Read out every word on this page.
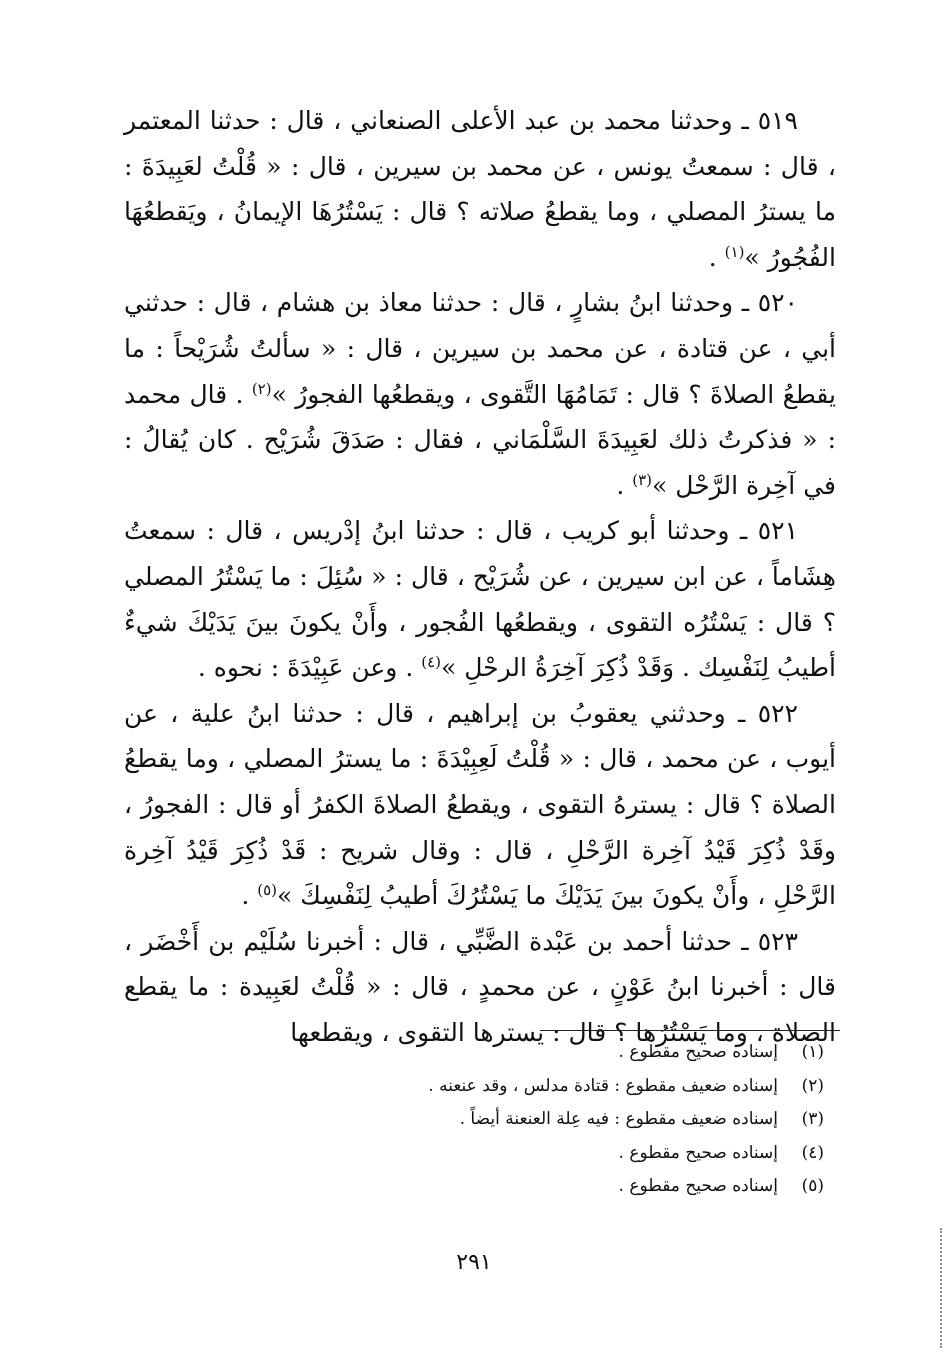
٥١٩ ـ وحدثنا محمد بن عبد الأعلى الصنعاني ، قال : حدثنا المعتمر ، قال : سمعتُ يونس ، عن محمد بن سيرين ، قال : « قُلْتُ لعَبِيدَةَ : ما يسترُ المصلي ، وما يقطعُ صلاته ؟ قال : يَسْتُرُهَا الإيمانُ ، ويَقطعُهَا الفُجُورُ »$^{(١)}$ .

٥٢٠ ـ وحدثنا ابنُ بشارٍ ، قال : حدثنا معاذ بن هشام ، قال : حدثني أبي ، عن قتادة ، عن محمد بن سيرين ، قال : « سألتُ شُرَيْحاً : ما يقطعُ الصلاةَ ؟ قال : تَمَامُهَا التَّقوى ، ويقطعُها الفجورُ »$^{(٢)}$ . قال محمد : « فذكرتُ ذلك لعَبِيدَةَ السَّلْمَاني ، فقال : صَدَقَ شُرَيْح . كان يُقالُ : في آخِرة الرَّحْل »$^{(٣)}$ .

٥٢١ ـ وحدثنا أبو كريب ، قال : حدثنا ابنُ إدْريس ، قال : سمعتُ هِشَاماً ، عن ابن سيرين ، عن شُرَيْح ، قال : « سُئِلَ : ما يَسْتُرُ المصلي ؟ قال : يَسْتُرُه التقوى ، ويقطعُها الفُجور ، وأَنْ يكونَ بينَ يَدَيْكَ شيءٌ أطيبُ لِنَفْسِك . وَقَدْ ذُكِرَ آخِرَةُ الرحْلِ »$^{(٤)}$ . وعن عَبِيْدَةَ : نحوه .

٥٢٢ ـ وحدثني يعقوبُ بن إبراهيم ، قال : حدثنا ابنُ علية ، عن أيوب ، عن محمد ، قال : « قُلْتُ لَعِبِيْدَةَ : ما يسترُ المصلي ، وما يقطعُ الصلاة ؟ قال : يسترهُ التقوى ، ويقطعُ الصلاةَ الكفرُ أو قال : الفجورُ ، وقَدْ ذُكِرَ قَيْدُ آخِرة الرَّحْلِ ، قال : وقال شريح : قَدْ ذُكِرَ قَيْدُ آخِرة الرَّحْلِ ، وأَنْ يكونَ بينَ يَدَيْكَ ما يَسْتُرُكَ أطيبُ لِنَفْسِكَ »$^{(٥)}$ .

٥٢٣ ـ حدثنا أحمد بن عَبْدة الضَّبِّي ، قال : أخبرنا سُلَيْم بن أَخْضَر ، قال : أخبرنا ابنُ عَوْنٍ ، عن محمدٍ ، قال : « قُلْتُ لعَبِيدة : ما يقطع الصلاة ، وما يَسْتُرُها ؟ قال : يسترها التقوى ، ويقطعها

(١)إسناده صحيح مقطوع .
(٢)إسناده ضعيف مقطوع : قتادة مدلس ، وقد عنعنه .
(٣)إسناده ضعيف مقطوع : فيه عِلة العنعنة أيضاً .
(٤)إسناده صحيح مقطوع .
(٥)إسناده صحيح مقطوع .
٢٩١
